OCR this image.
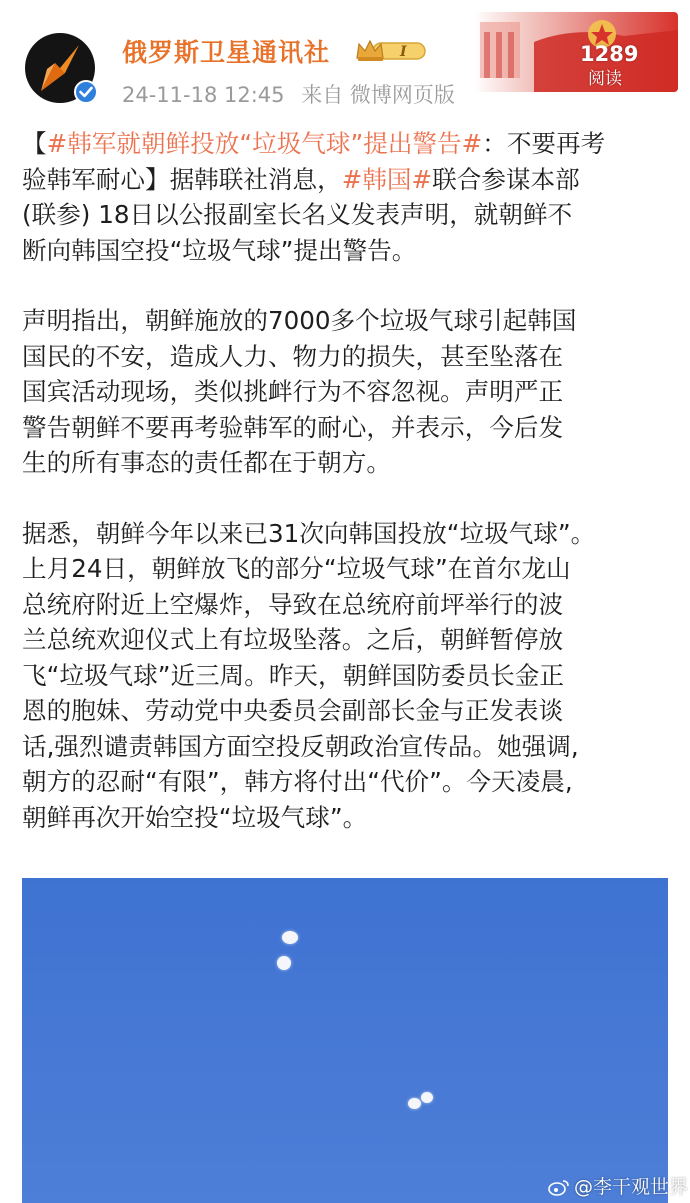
俄罗斯卫星通讯社	I
24-11-18 12:45 来自 微博网页版
1289
阅读
【#韩军就朝鲜投放“垃圾气球”提出警告#：不要再考
验韩军耐心】据韩联社消息，#韩国#联合参谋本部
(联参) 18日以公报副室长名义发表声明，就朝鲜不
断向韩国空投“垃圾气球”提出警告。
声明指出，朝鲜施放的7000多个垃圾气球引起韩国
国民的不安，造成人力、物力的损失，甚至坠落在
国宾活动现场，类似挑衅行为不容忽视。声明严正
警告朝鲜不要再考验韩军的耐心，并表示，今后发
生的所有事态的责任都在于朝方。
据悉，朝鲜今年以来已31次向韩国投放“垃圾气球”。
上月24日，朝鲜放飞的部分“垃圾气球”在首尔龙山
总统府附近上空爆炸，导致在总统府前坪举行的波
兰总统欢迎仪式上有垃圾坠落。之后，朝鲜暂停放
飞“垃圾气球”近三周。昨天，朝鲜国防委员长金正
恩的胞妹、劳动党中央委员会副部长金与正发表谈
话,强烈谴责韩国方面空投反朝政治宣传品。她强调,
朝方的忍耐“有限”，韩方将付出“代价”。今天凌晨,
朝鲜再次开始空投“垃圾气球”。
@李干观世界
